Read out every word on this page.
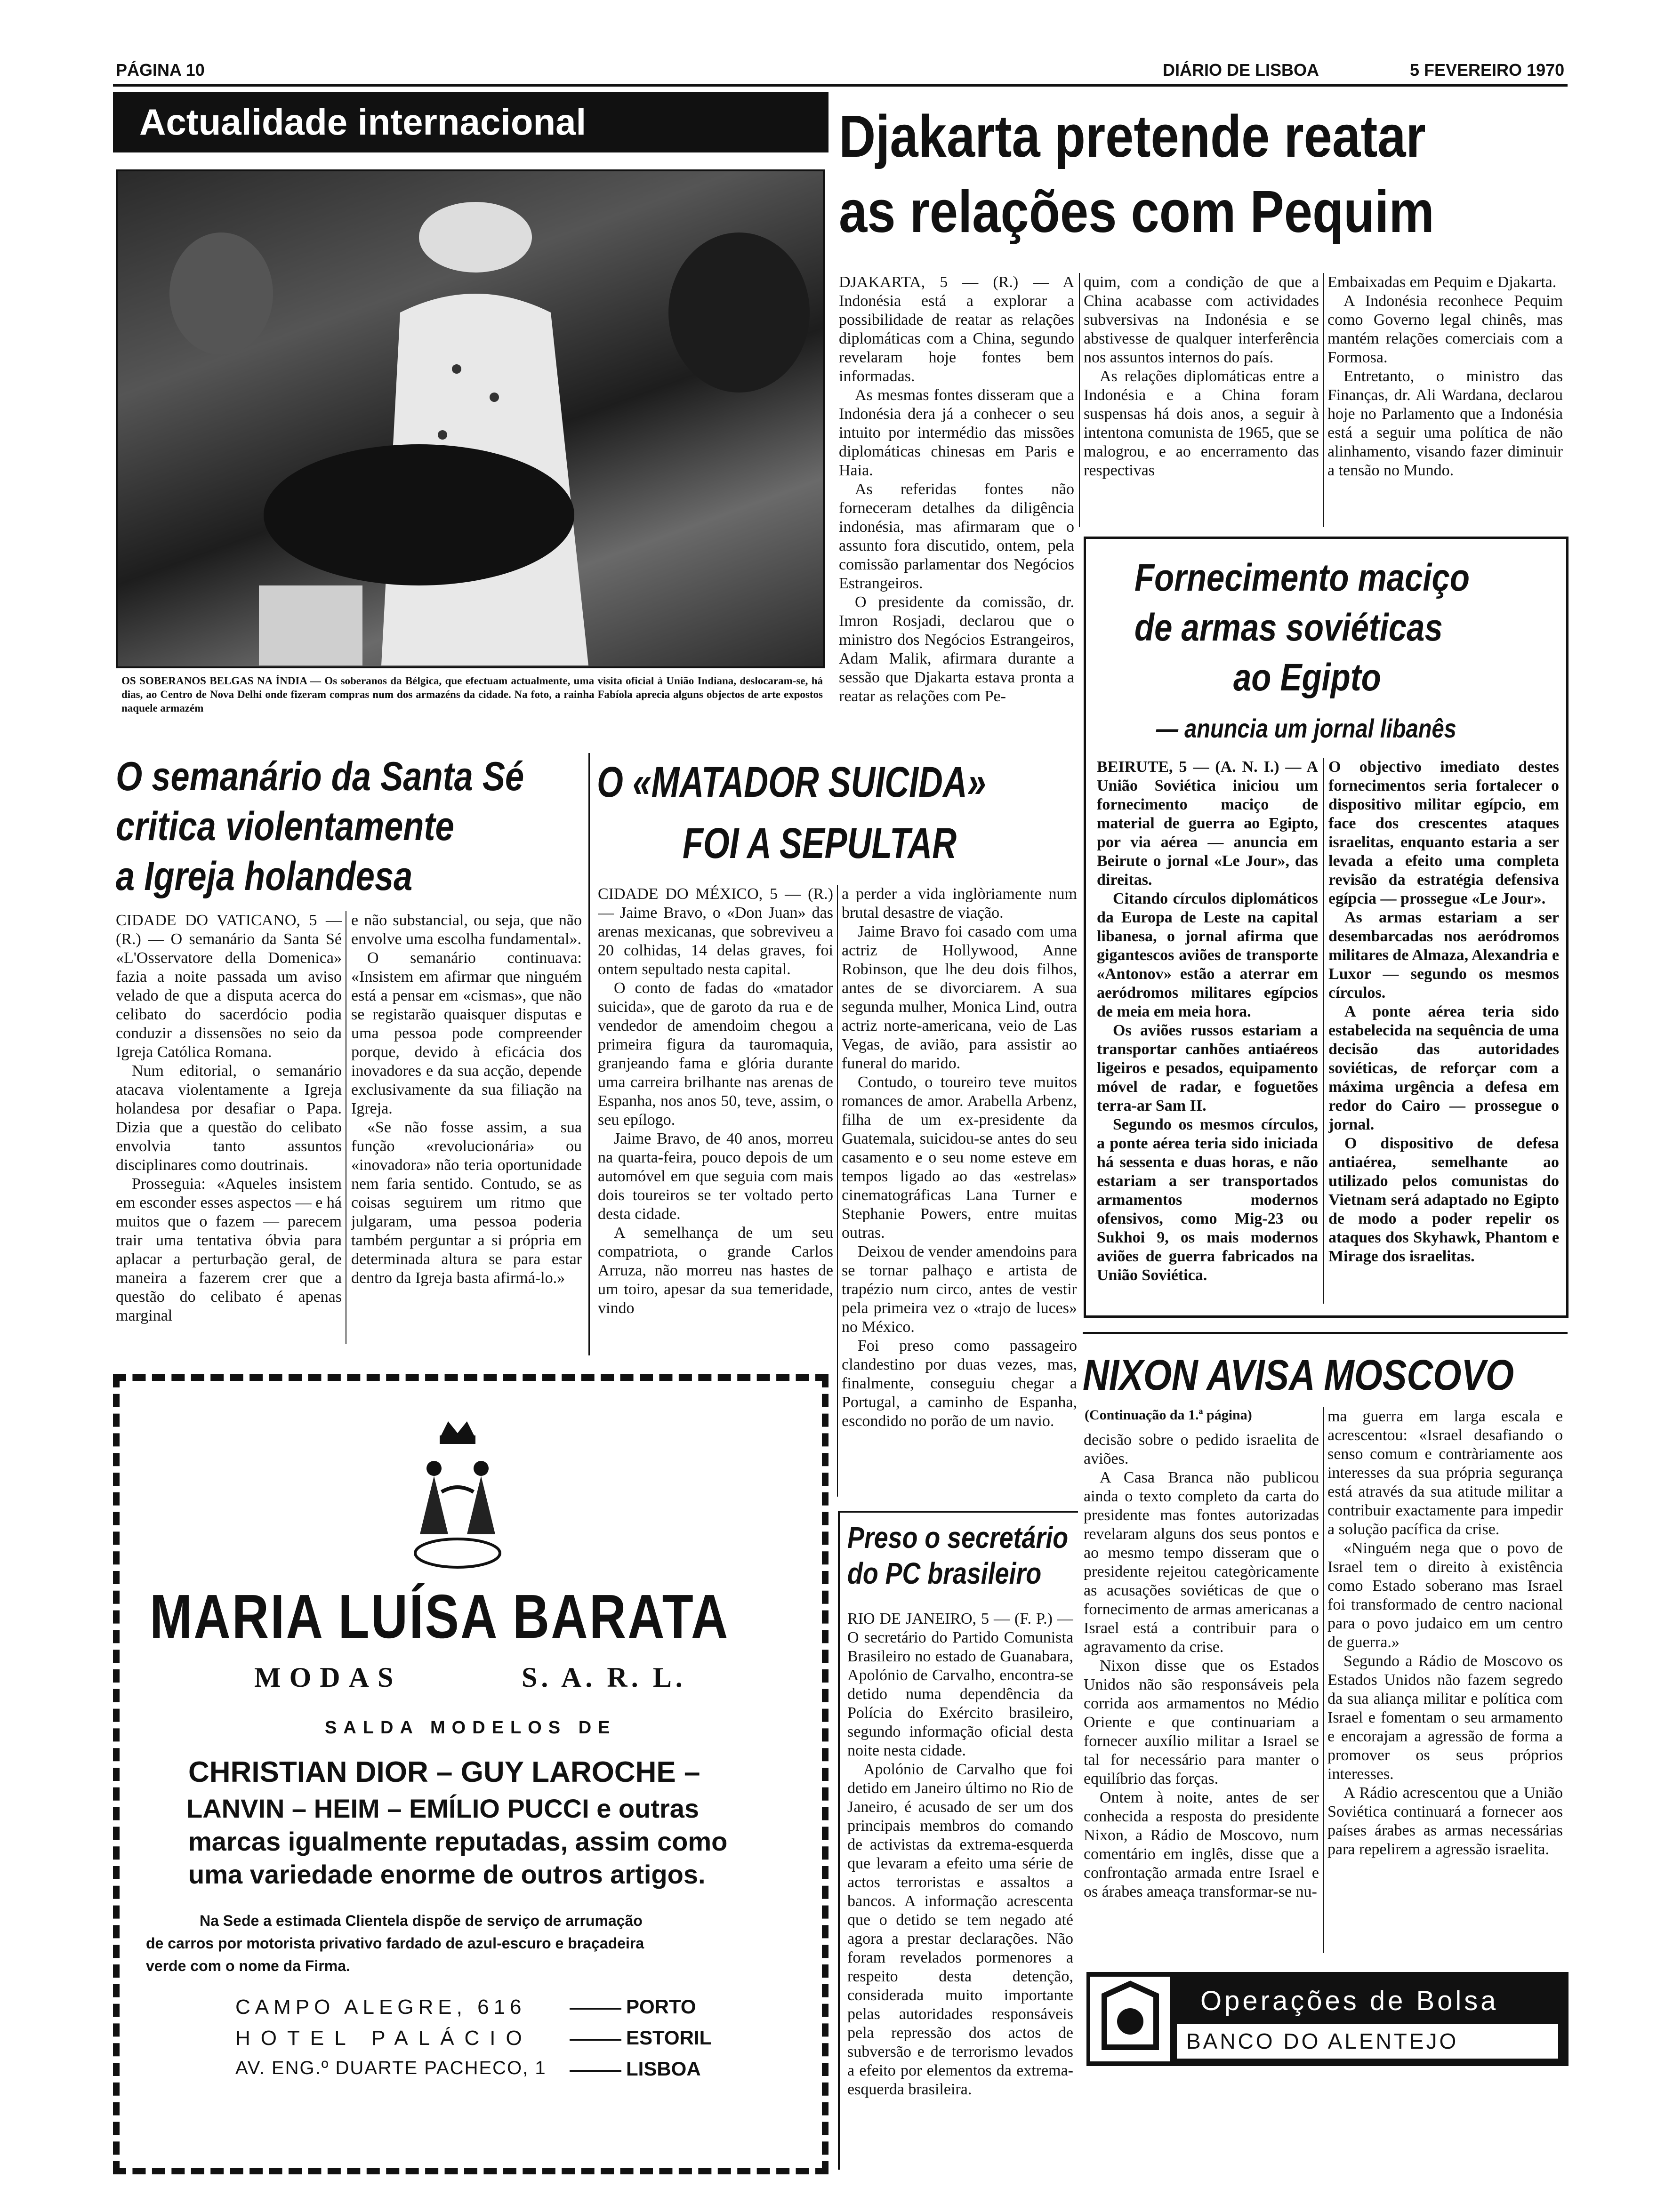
PÁGINA 10	DIÁRIO DE LISBOA	5 FEVEREIRO 1970
Actualidade internacional
OS SOBERANOS BELGAS NA ÍNDIA — Os soberanos da Bélgica, que efectuam actualmente, uma visita oficial à União Indiana, deslocaram-se, há dias, ao Centro de Nova Delhi onde fizeram compras num dos armazéns da cidade. Na foto, a rainha Fabíola aprecia alguns objectos de arte expostos naquele armazém
Djakarta pretende reatar
as relações com Pequim

DJAKARTA, 5 — (R.) — A Indonésia está a explorar a possibilidade de reatar as relações diplomáticas com a China, segundo revelaram hoje fontes bem informadas.

As mesmas fontes disseram que a Indonésia dera já a conhecer o seu intuito por intermédio das missões diplomáticas chinesas em Paris e Haia.

As referidas fontes não forneceram detalhes da diligência indonésia, mas afirmaram que o assunto fora discutido, ontem, pela comissão parlamentar dos Negócios Estrangeiros.

O presidente da comissão, dr. Imron Rosjadi, declarou que o ministro dos Negócios Estrangeiros, Adam Malik, afirmara durante a sessão que Djakarta estava pronta a reatar as relações com Pe-

quim, com a condição de que a China acabasse com actividades subversivas na Indonésia e se abstivesse de qualquer interferência nos assuntos internos do país.

As relações diplomáticas entre a Indonésia e a China foram suspensas há dois anos, a seguir à intentona comunista de 1965, que se malogrou, e ao encerramento das respectivas

Embaixadas em Pequim e Djakarta.

A Indonésia reconhece Pequim como Governo legal chinês, mas mantém relações comerciais com a Formosa.

Entretanto, o ministro das Finanças, dr. Ali Wardana, declarou hoje no Parlamento que a Indonésia está a seguir uma política de não alinhamento, visando fazer diminuir a tensão no Mundo.

Fornecimento maciço
de armas soviéticas
ao Egipto
— anuncia um jornal libanês

BEIRUTE, 5 — (A. N. I.) — A União Soviética iniciou um fornecimento maciço de material de guerra ao Egipto, por via aérea — anuncia em Beirute o jornal «Le Jour», das direitas.

Citando círculos diplomáticos da Europa de Leste na capital libanesa, o jornal afirma que gigantescos aviões de transporte «Antonov» estão a aterrar em aeródromos militares egípcios de meia em meia hora.

Os aviões russos estariam a transportar canhões antiaéreos ligeiros e pesados, equipamento móvel de radar, e foguetões terra-ar Sam II.

Segundo os mesmos círculos, a ponte aérea teria sido iniciada há sessenta e duas horas, e não estariam a ser transportados armamentos modernos ofensivos, como Mig-23 ou Sukhoi 9, os mais modernos aviões de guerra fabricados na União Soviética.

O objectivo imediato destes fornecimentos seria fortalecer o dispositivo militar egípcio, em face dos crescentes ataques israelitas, enquanto estaria a ser levada a efeito uma completa revisão da estratégia defensiva egípcia — prossegue «Le Jour».

As armas estariam a ser desembarcadas nos aeródromos militares de Almaza, Alexandria e Luxor — segundo os mesmos círculos.

A ponte aérea teria sido estabelecida na sequência de uma decisão das autoridades soviéticas, de reforçar com a máxima urgência a defesa em redor do Cairo — prossegue o jornal.

O dispositivo de defesa antiaérea, semelhante ao utilizado pelos comunistas do Vietnam será adaptado no Egipto de modo a poder repelir os ataques dos Skyhawk, Phantom e Mirage dos israelitas.

O semanário da Santa Sé
critica violentamente
a Igreja holandesa

CIDADE DO VATICANO, 5 — (R.) — O semanário da Santa Sé «L'Osservatore della Domenica» fazia a noite passada um aviso velado de que a disputa acerca do celibato do sacerdócio podia conduzir a dissensões no seio da Igreja Católica Romana.

Num editorial, o semanário atacava violentamente a Igreja holandesa por desafiar o Papa. Dizia que a questão do celibato envolvia tanto assuntos disciplinares como doutrinais.

Prosseguia: «Aqueles insistem em esconder esses aspectos — e há muitos que o fazem — parecem trair uma tentativa óbvia para aplacar a perturbação geral, de maneira a fazerem crer que a questão do celibato é apenas marginal

e não substancial, ou seja, que não envolve uma escolha fundamental».

O semanário continuava: «Insistem em afirmar que ninguém está a pensar em «cismas», que não se registarão quaisquer disputas e uma pessoa pode compreender porque, devido à eficácia dos inovadores e da sua acção, depende exclusivamente da sua filiação na Igreja.

«Se não fosse assim, a sua função «revolucionária» ou «inovadora» não teria oportunidade nem faria sentido. Contudo, se as coisas seguirem um ritmo que julgaram, uma pessoa poderia também perguntar a si própria em determinada altura se para estar dentro da Igreja basta afirmá-lo.»

O «MATADOR SUICIDA»
FOI A SEPULTAR

CIDADE DO MÉXICO, 5 — (R.) — Jaime Bravo, o «Don Juan» das arenas mexicanas, que sobreviveu a 20 colhidas, 14 delas graves, foi ontem sepultado nesta capital.

O conto de fadas do «matador suicida», que de garoto da rua e de vendedor de amendoim chegou a primeira figura da tauromaquia, granjeando fama e glória durante uma carreira brilhante nas arenas de Espanha, nos anos 50, teve, assim, o seu epílogo.

Jaime Bravo, de 40 anos, morreu na quarta-feira, pouco depois de um automóvel em que seguia com mais dois toureiros se ter voltado perto desta cidade.

A semelhança de um seu compatriota, o grande Carlos Arruza, não morreu nas hastes de um toiro, apesar da sua temeridade, vindo

a perder a vida inglòriamente num brutal desastre de viação.

Jaime Bravo foi casado com uma actriz de Hollywood, Anne Robinson, que lhe deu dois filhos, antes de se divorciarem. A sua segunda mulher, Monica Lind, outra actriz norte-americana, veio de Las Vegas, de avião, para assistir ao funeral do marido.

Contudo, o toureiro teve muitos romances de amor. Arabella Arbenz, filha de um ex-presidente da Guatemala, suicidou-se antes do seu casamento e o seu nome esteve em tempos ligado ao das «estrelas» cinematográficas Lana Turner e Stephanie Powers, entre muitas outras.

Deixou de vender amendoins para se tornar palhaço e artista de trapézio num circo, antes de vestir pela primeira vez o «trajo de luces» no México.

Foi preso como passageiro clandestino por duas vezes, mas, finalmente, conseguiu chegar a Portugal, a caminho de Espanha, escondido no porão de um navio.

Preso o secretário
do PC brasileiro

RIO DE JANEIRO, 5 — (F. P.) — O secretário do Partido Comunista Brasileiro no estado de Guanabara, Apolónio de Carvalho, encontra-se detido numa dependência da Polícia do Exército brasileiro, segundo informação oficial desta noite nesta cidade.

Apolónio de Carvalho que foi detido em Janeiro último no Rio de Janeiro, é acusado de ser um dos principais membros do comando de activistas da extrema-esquerda que levaram a efeito uma série de actos terroristas e assaltos a bancos. A informação acrescenta que o detido se tem negado até agora a prestar declarações. Não foram revelados pormenores a respeito desta detenção, considerada muito importante pelas autoridades responsáveis pela repressão dos actos de subversão e de terrorismo levados a efeito por elementos da extrema-esquerda brasileira.

NIXON AVISA MOSCOVO
(Continuação da 1.ª página)

decisão sobre o pedido israelita de aviões.

A Casa Branca não publicou ainda o texto completo da carta do presidente mas fontes autorizadas revelaram alguns dos seus pontos e ao mesmo tempo disseram que o presidente rejeitou categòricamente as acusações soviéticas de que o fornecimento de armas americanas a Israel está a contribuir para o agravamento da crise.

Nixon disse que os Estados Unidos não são responsáveis pela corrida aos armamentos no Médio Oriente e que continuariam a fornecer auxílio militar a Israel se tal for necessário para manter o equilíbrio das forças.

Ontem à noite, antes de ser conhecida a resposta do presidente Nixon, a Rádio de Moscovo, num comentário em inglês, disse que a confrontação armada entre Israel e os árabes ameaça transformar-se nu-

ma guerra em larga escala e acrescentou: «Israel desafiando o senso comum e contràriamente aos interesses da sua própria segurança está através da sua atitude militar a contribuir exactamente para impedir a solução pacífica da crise.

«Ninguém nega que o povo de Israel tem o direito à existência como Estado soberano mas Israel foi transformado de centro nacional para o povo judaico em um centro de guerra.»

Segundo a Rádio de Moscovo os Estados Unidos não fazem segredo da sua aliança militar e política com Israel e fomentam o seu armamento e encorajam a agressão de forma a promover os seus próprios interesses.

A Rádio acrescentou que a União Soviética continuará a fornecer aos países árabes as armas necessárias para repelirem a agressão israelita.

MARIA LUÍSA BARATA
MODAS	S. A. R. L.
SALDA MODELOS DE
CHRISTIAN DIOR – GUY LAROCHE –
LANVIN – HEIM – EMÍLIO PUCCI e outras
marcas igualmente reputadas, assim como
uma variedade enorme de outros artigos.
Na Sede a estimada Clientela dispõe de serviço de arrumação
de carros por motorista privativo fardado de azul-escuro e braçadeira
verde com o nome da Firma.
CAMPO ALEGRE, 616	PORTO
HOTEL PALÁCIO	ESTORIL
AV. ENG.º DUARTE PACHECO, 1	LISBOA
Operações de Bolsa
BANCO DO ALENTEJO
